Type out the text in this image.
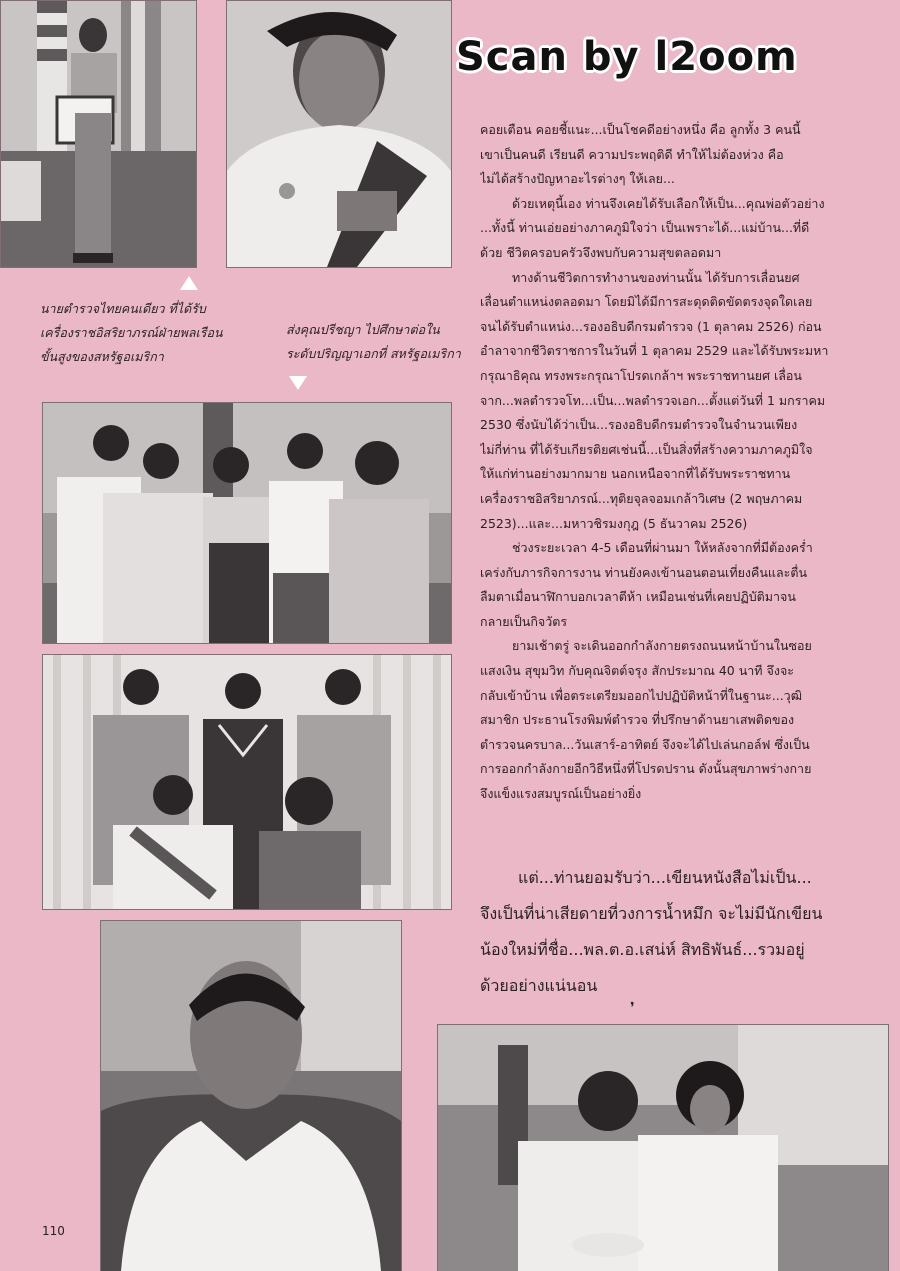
นายตำรวจไทยคนเดียว ที่ได้รับ
เครื่องราชอิสริยาภรณ์ฝ่ายพลเรือน
ขั้นสูงของสหรัฐอเมริกา
ส่งคุณปรีชญา ไปศึกษาต่อใน
ระดับปริญญาเอกที่ สหรัฐอเมริกา
Scan by l2oom
คอยเตือน คอยชี้แนะ...เป็นโชคดีอย่างหนึ่ง คือ ลูกทั้ง 3 คนนี้
เขาเป็นคนดี เรียนดี ความประพฤติดี ทำให้ไม่ต้องห่วง คือ
ไม่ได้สร้างปัญหาอะไรต่างๆ ให้เลย...
ด้วยเหตุนี้เอง ท่านจึงเคยได้รับเลือกให้เป็น...คุณพ่อตัวอย่าง
...ทั้งนี้ ท่านเอ่ยอย่างภาคภูมิใจว่า เป็นเพราะได้...แม่บ้าน...ที่ดี
ด้วย ชีวิตครอบครัวจึงพบกับความสุขตลอดมา
ทางด้านชีวิตการทำงานของท่านนั้น ได้รับการเลื่อนยศ
เลื่อนตำแหน่งตลอดมา โดยมิได้มีการสะดุดติดขัดตรงจุดใดเลย
จนได้รับตำแหน่ง...รองอธิบดีกรมตำรวจ (1 ตุลาคม 2526) ก่อน
อำลาจากชีวิตราชการในวันที่ 1 ตุลาคม 2529 และได้รับพระมหา
กรุณาธิคุณ ทรงพระกรุณาโปรดเกล้าฯ พระราชทานยศ เลื่อน
จาก...พลตำรวจโท...เป็น...พลตำรวจเอก...ตั้งแต่วันที่ 1 มกราคม
2530 ซึ่งนับได้ว่าเป็น...รองอธิบดีกรมตำรวจในจำนวนเพียง
ไม่กี่ท่าน ที่ได้รับเกียรติยศเช่นนี้...เป็นสิ่งที่สร้างความภาคภูมิใจ
ให้แก่ท่านอย่างมากมาย นอกเหนือจากที่ได้รับพระราชทาน
เครื่องราชอิสริยาภรณ์...ทุติยจุลจอมเกล้าวิเศษ (2 พฤษภาคม
2523)...และ...มหาวชิรมงกุฎ (5 ธันวาคม 2526)
ช่วงระยะเวลา 4-5 เดือนที่ผ่านมา ให้หลังจากที่มีต้องคร่ำ
เคร่งกับภารกิจการงาน ท่านยังคงเข้านอนตอนเที่ยงคืนและตื่น
ลืมตาเมื่อนาฬิกาบอกเวลาตีห้า เหมือนเช่นที่เคยปฏิบัติมาจน
กลายเป็นกิจวัตร
ยามเช้าตรู่ จะเดินออกกำลังกายตรงถนนหน้าบ้านในซอย
แสงเงิน สุขุมวิท กับคุณจิตต์จรุง สักประมาณ 40 นาที จึงจะ
กลับเข้าบ้าน เพื่อตระเตรียมออกไปปฏิบัติหน้าที่ในฐานะ...วุฒิ
สมาชิก ประธานโรงพิมพ์ตำรวจ ที่ปรึกษาด้านยาเสพติดของ
ตำรวจนครบาล...วันเสาร์-อาทิตย์ จึงจะได้ไปเล่นกอล์ฟ ซึ่งเป็น
การออกกำลังกายอีกวิธีหนึ่งที่โปรดปราน ดังนั้นสุขภาพร่างกาย
จึงแข็งแรงสมบูรณ์เป็นอย่างยิ่ง
แต่...ท่านยอมรับว่า...เขียนหนังสือไม่เป็น...
จึงเป็นที่น่าเสียดายที่วงการน้ำหมึก จะไม่มีนักเขียน
น้องใหม่ที่ชื่อ...พล.ต.อ.เสน่ห์ สิทธิพันธ์...รวมอยู่
ด้วยอย่างแน่นอน
❜
110
